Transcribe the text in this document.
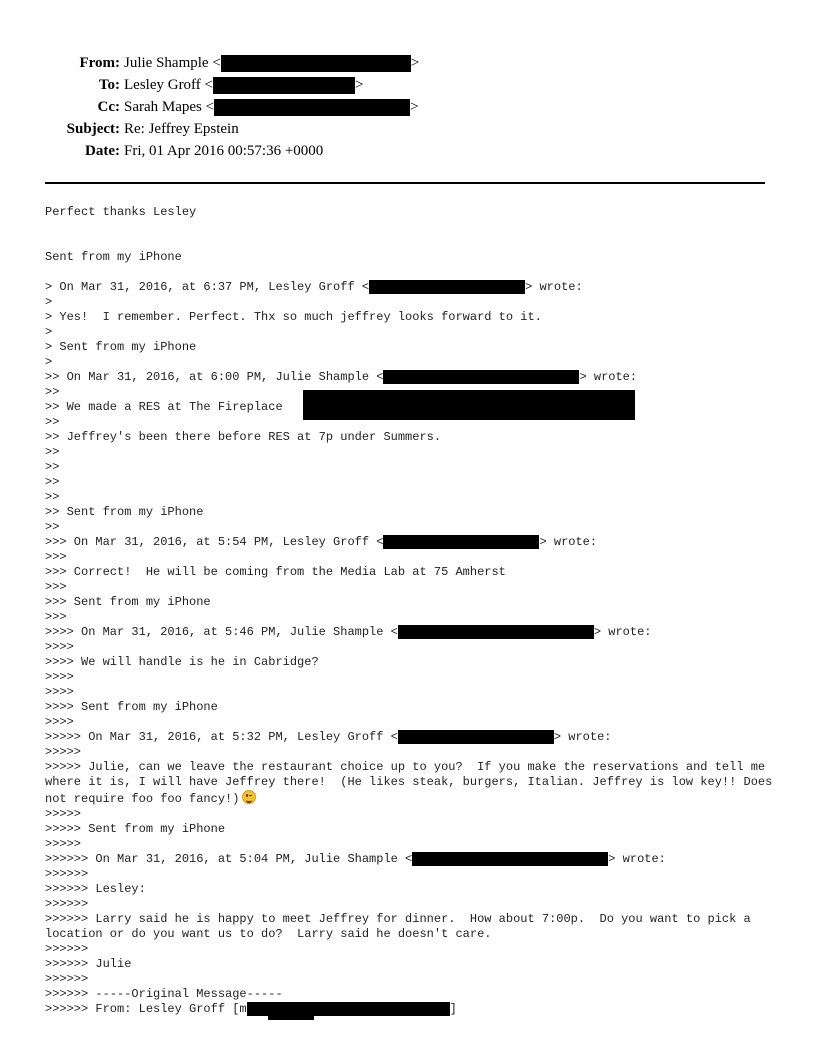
From: Julie Shample <	>
To: Lesley Groff <	>
Cc: Sarah Mapes <	>
Subject: Re: Jeffrey Epstein
Date: Fri, 01 Apr 2016 00:57:36 +0000
Perfect thanks Lesley
Sent from my iPhone
> On Mar 31, 2016, at 6:37 PM, Lesley Groff <	> wrote:
>
> Yes!  I remember. Perfect. Thx so much jeffrey looks forward to it.
>
> Sent from my iPhone
>
>> On Mar 31, 2016, at 6:00 PM, Julie Shample <	> wrote:
>>
>> We made a RES at The Fireplace
>>
>> Jeffrey's been there before RES at 7p under Summers.
>>
>>
>>
>>
>> Sent from my iPhone
>>
>>> On Mar 31, 2016, at 5:54 PM, Lesley Groff <	> wrote:
>>>
>>> Correct!  He will be coming from the Media Lab at 75 Amherst
>>>
>>> Sent from my iPhone
>>>
>>>> On Mar 31, 2016, at 5:46 PM, Julie Shample <	> wrote:
>>>>
>>>> We will handle is he in Cabridge?
>>>>
>>>>
>>>> Sent from my iPhone
>>>>
>>>>> On Mar 31, 2016, at 5:32 PM, Lesley Groff <	> wrote:
>>>>>
>>>>> Julie, can we leave the restaurant choice up to you?  If you make the reservations and tell me where it is, I will have Jeffrey there!  (He likes steak, burgers, Italian. Jeffrey is low key!! Does not require foo foo fancy!)
>>>>>
>>>>> Sent from my iPhone
>>>>>
>>>>>> On Mar 31, 2016, at 5:04 PM, Julie Shample <	> wrote:
>>>>>>
>>>>>> Lesley:
>>>>>>
>>>>>> Larry said he is happy to meet Jeffrey for dinner.  How about 7:00p.  Do you want to pick a location or do you want us to do?  Larry said he doesn't care.
>>>>>>
>>>>>> Julie
>>>>>>
>>>>>> -----Original Message-----
>>>>>> From: Lesley Groff [m	]
